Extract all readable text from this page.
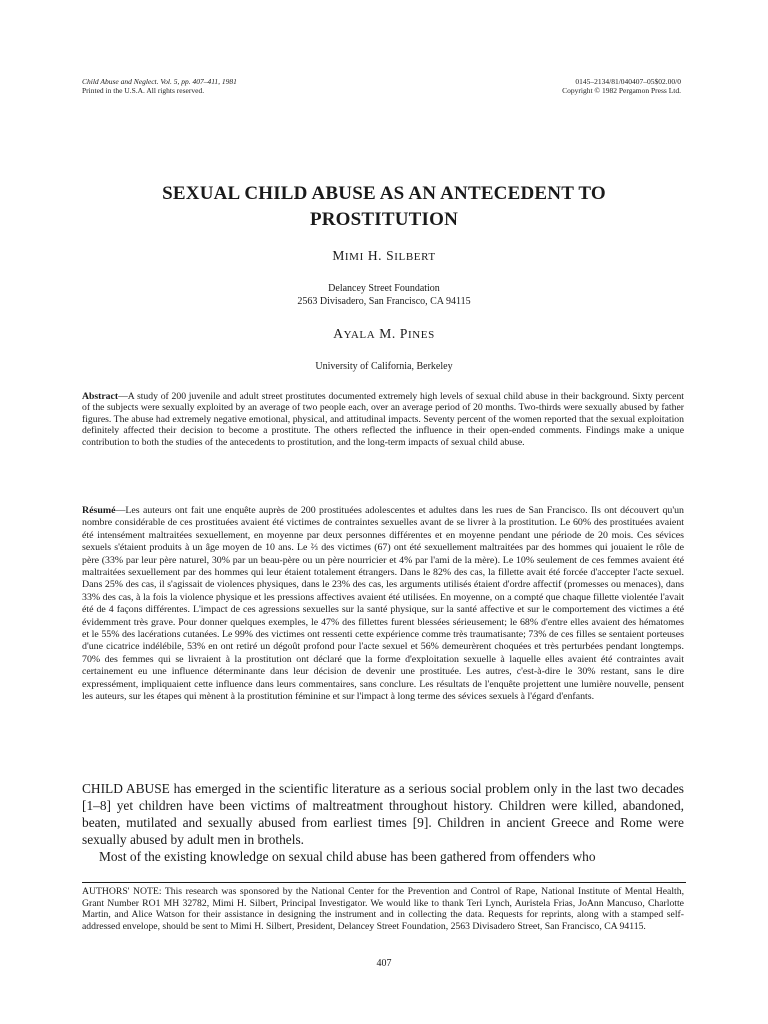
Child Abuse and Neglect. Vol. 5, pp. 407–411, 1981
Printed in the U.S.A. All rights reserved.
0145–2134/81/040407–05$02.00/0
Copyright © 1982 Pergamon Press Ltd.
SEXUAL CHILD ABUSE AS AN ANTECEDENT TO
PROSTITUTION
MIMI H. SILBERT
Delancey Street Foundation
2563 Divisadero, San Francisco, CA 94115
AYALA M. PINES
University of California, Berkeley
Abstract—A study of 200 juvenile and adult street prostitutes documented extremely high levels of sexual child abuse in their background. Sixty percent of the subjects were sexually exploited by an average of two people each, over an average period of 20 months. Two-thirds were sexually abused by father figures. The abuse had extremely negative emotional, physical, and attitudinal impacts. Seventy percent of the women reported that the sexual exploitation definitely affected their decision to become a prostitute. The others reflected the influence in their open-ended comments. Findings make a unique contribution to both the studies of the antecedents to prostitution, and the long-term impacts of sexual child abuse.
Résumé—Les auteurs ont fait une enquête auprès de 200 prostituées adolescentes et adultes dans les rues de San Francisco. Ils ont découvert qu'un nombre considérable de ces prostituées avaient été victimes de contraintes sexuelles avant de se livrer à la prostitution. Le 60% des prostituées avaient été intensément maltraitées sexuellement, en moyenne par deux personnes différentes et en moyenne pendant une période de 20 mois. Ces sévices sexuels s'étaient produits à un âge moyen de 10 ans. Le ⅔ des victimes (67) ont été sexuellement maltraitées par des hommes qui jouaient le rôle de père (33% par leur père naturel, 30% par un beau-père ou un père nourricier et 4% par l'ami de la mère). Le 10% seulement de ces femmes avaient été maltraitées sexuellement par des hommes qui leur étaient totalement étrangers. Dans le 82% des cas, la fillette avait été forcée d'accepter l'acte sexuel. Dans 25% des cas, il s'agissait de violences physiques, dans le 23% des cas, les arguments utilisés étaient d'ordre affectif (promesses ou menaces), dans 33% des cas, à la fois la violence physique et les pressions affectives avaient été utilisées. En moyenne, on a compté que chaque fillette violentée l'avait été de 4 façons différentes. L'impact de ces agressions sexuelles sur la santé physique, sur la santé affective et sur le comportement des victimes a été évidemment très grave. Pour donner quelques exemples, le 47% des fillettes furent blessées sérieusement; le 68% d'entre elles avaient des hématomes et le 55% des lacérations cutanées. Le 99% des victimes ont ressenti cette expérience comme très traumatisante; 73% de ces filles se sentaient porteuses d'une cicatrice indélébile, 53% en ont retiré un dégoût profond pour l'acte sexuel et 56% demeurèrent choquées et très perturbées pendant longtemps. 70% des femmes qui se livraient à la prostitution ont déclaré que la forme d'exploitation sexuelle à laquelle elles avaient été contraintes avait certainement eu une influence déterminante dans leur décision de devenir une prostituée. Les autres, c'est-à-dire le 30% restant, sans le dire expressément, impliquaient cette influence dans leurs commentaires, sans conclure. Les résultats de l'enquête projettent une lumière nouvelle, pensent les auteurs, sur les étapes qui mènent à la prostitution féminine et sur l'impact à long terme des sévices sexuels à l'égard d'enfants.

CHILD ABUSE has emerged in the scientific literature as a serious social problem only in the last two decades [1–8] yet children have been victims of maltreatment throughout history. Children were killed, abandoned, beaten, mutilated and sexually abused from earliest times [9]. Children in ancient Greece and Rome were sexually abused by adult men in brothels.

Most of the existing knowledge on sexual child abuse has been gathered from offenders who

AUTHORS' NOTE: This research was sponsored by the National Center for the Prevention and Control of Rape, National Institute of Mental Health, Grant Number RO1 MH 32782, Mimi H. Silbert, Principal Investigator. We would like to thank Teri Lynch, Auristela Frias, JoAnn Mancuso, Charlotte Martin, and Alice Watson for their assistance in designing the instrument and in collecting the data. Requests for reprints, along with a stamped self-addressed envelope, should be sent to Mimi H. Silbert, President, Delancey Street Foundation, 2563 Divisadero Street, San Francisco, CA 94115.
407
